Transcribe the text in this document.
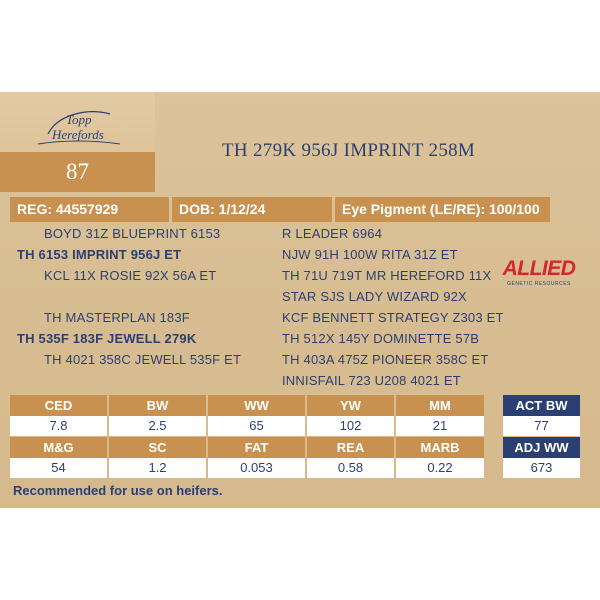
Topp
Herefords
87
TH 279K 956J IMPRINT 258M
REG: 44557929	DOB: 1/12/24	Eye Pigment (LE/RE): 100/100
BOYD 31Z BLUEPRINT 6153
TH 6153 IMPRINT 956J ET
KCL 11X ROSIE 92X 56A ET
TH MASTERPLAN 183F
TH 535F 183F JEWELL 279K
TH 4021 358C JEWELL 535F ET
R LEADER 6964
NJW 91H 100W RITA 31Z ET
TH 71U 719T MR HEREFORD 11X
STAR SJS LADY WIZARD 92X
KCF BENNETT STRATEGY Z303 ET
TH 512X 145Y DOMINETTE 57B
TH 403A 475Z PIONEER 358C ET
INNISFAIL 723 U208 4021 ET
ALLIED
GENETIC RESOURCES
CED	BW	WW	YW	MM
7.8	2.5	65	102	21
M&G	SC	FAT	REA	MARB
54	1.2	0.053	0.58	0.22
ACT BW
77
ADJ WW
673
Recommended for use on heifers.
